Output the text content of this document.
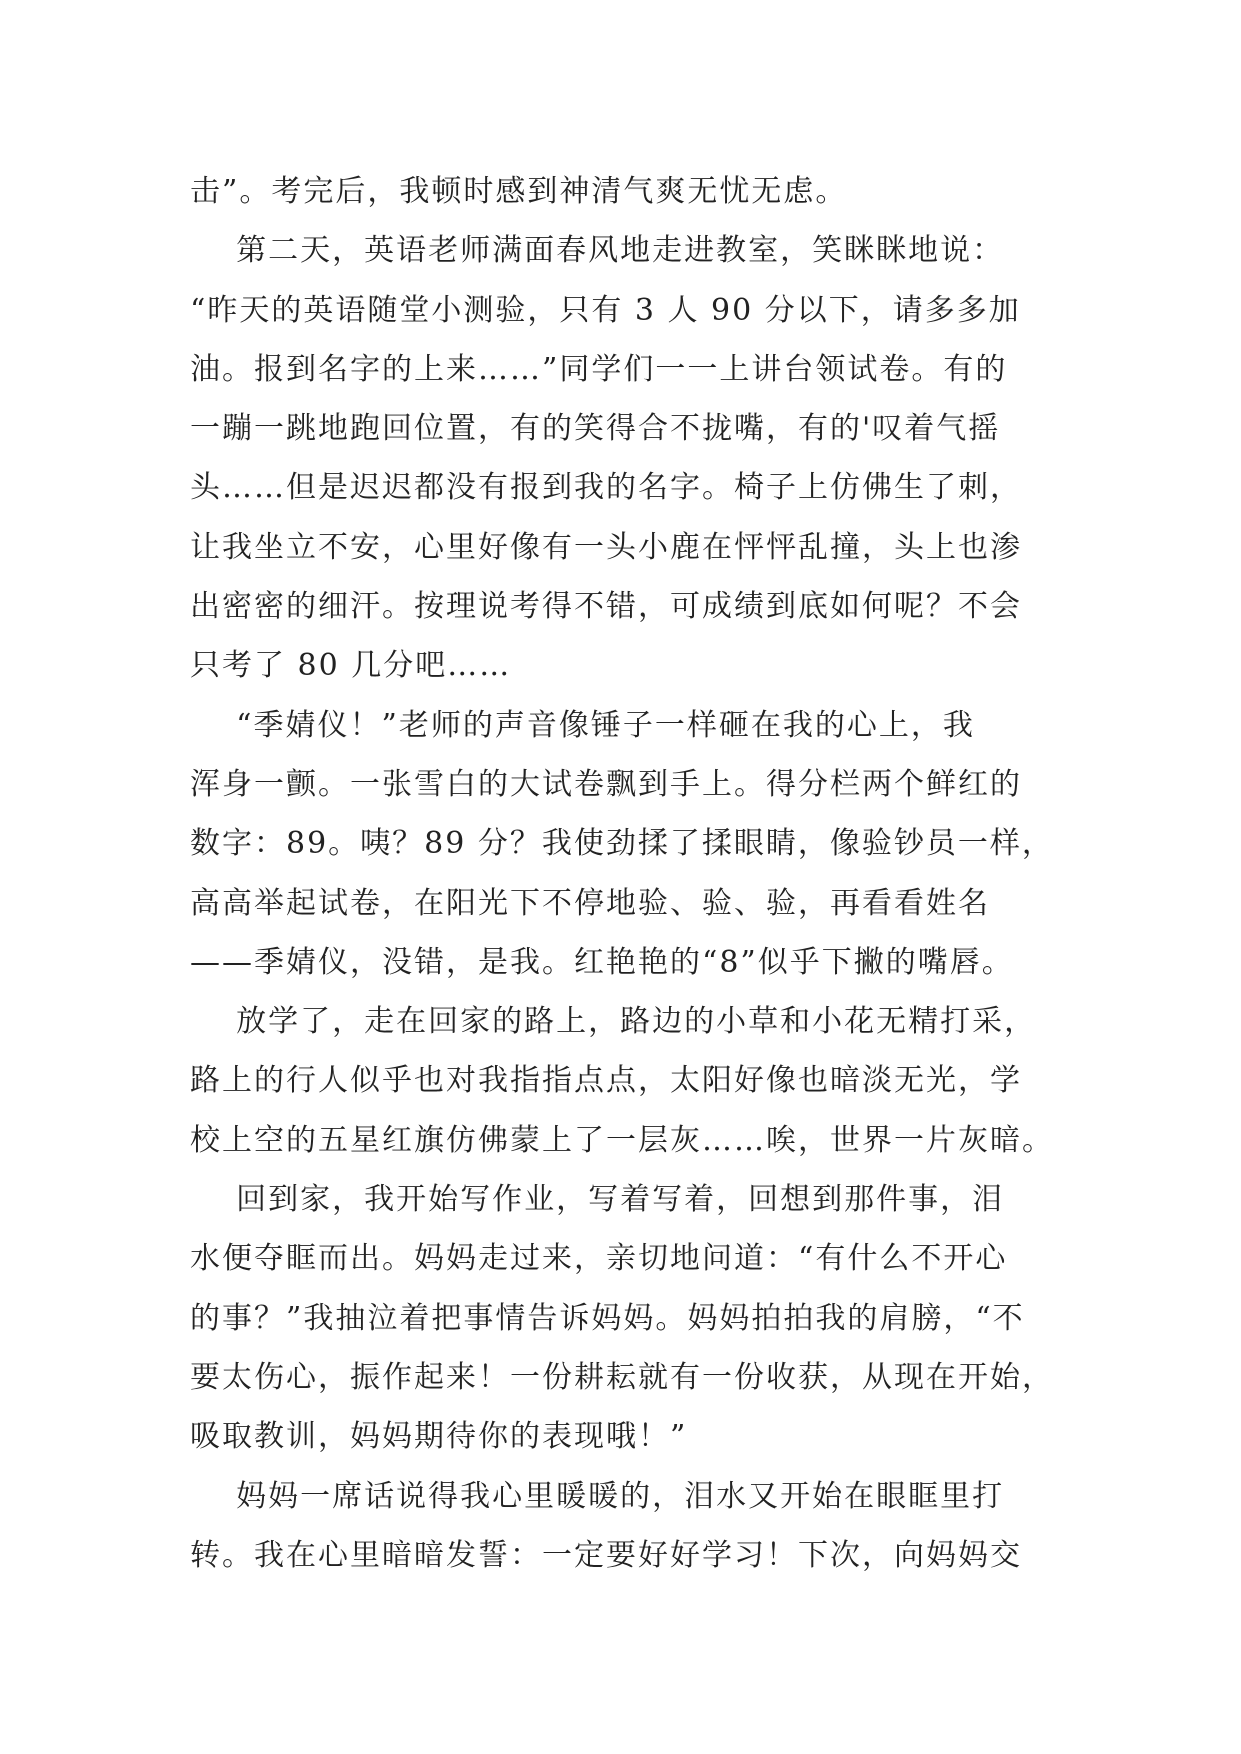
击”。考完后，我顿时感到神清气爽无忧无虑。
第二天，英语老师满面春风地走进教室，笑眯眯地说：
“昨天的英语随堂小测验，只有 3 人 90 分以下，请多多加
油。报到名字的上来……”同学们一一上讲台领试卷。有的
一蹦一跳地跑回位置，有的笑得合不拢嘴，有的'叹着气摇
头……但是迟迟都没有报到我的名字。椅子上仿佛生了刺，
让我坐立不安，心里好像有一头小鹿在怦怦乱撞，头上也渗
出密密的细汗。按理说考得不错，可成绩到底如何呢？不会
只考了 80 几分吧……
“季婧仪！”老师的声音像锤子一样砸在我的心上，我
浑身一颤。一张雪白的大试卷飘到手上。得分栏两个鲜红的
数字：89。咦？89 分？我使劲揉了揉眼睛，像验钞员一样，
高高举起试卷，在阳光下不停地验、验、验，再看看姓名
——季婧仪，没错，是我。红艳艳的“8”似乎下撇的嘴唇。
放学了，走在回家的路上，路边的小草和小花无精打采，
路上的行人似乎也对我指指点点，太阳好像也暗淡无光，学
校上空的五星红旗仿佛蒙上了一层灰……唉，世界一片灰暗。
回到家，我开始写作业，写着写着，回想到那件事，泪
水便夺眶而出。妈妈走过来，亲切地问道：“有什么不开心
的事？”我抽泣着把事情告诉妈妈。妈妈拍拍我的肩膀，“不
要太伤心，振作起来！一份耕耘就有一份收获，从现在开始，
吸取教训，妈妈期待你的表现哦！”
妈妈一席话说得我心里暖暖的，泪水又开始在眼眶里打
转。我在心里暗暗发誓：一定要好好学习！下次，向妈妈交
